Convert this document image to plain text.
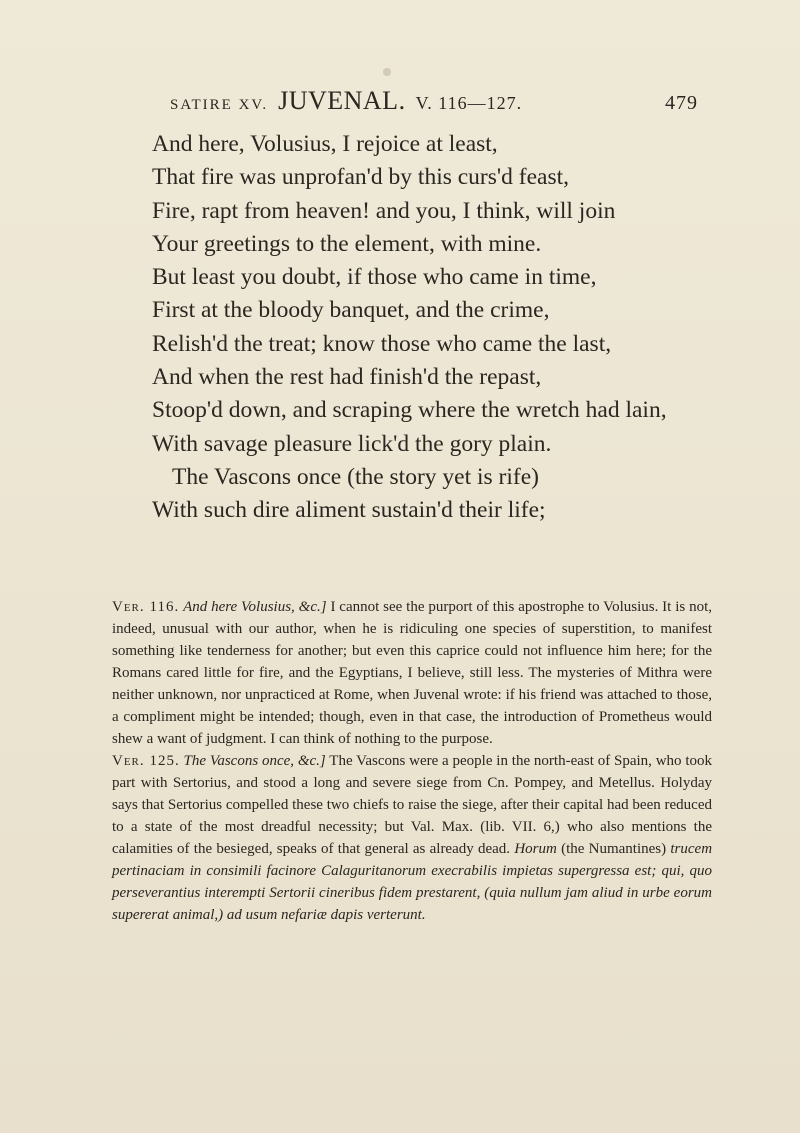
SATIRE XV. JUVENAL. V. 116—127.	479
And here, Volusius, I rejoice at least,
That fire was unprofan'd by this curs'd feast,
Fire, rapt from heaven! and you, I think, will join
Your greetings to the element, with mine.
But least you doubt, if those who came in time,
First at the bloody banquet, and the crime,
Relish'd the treat; know those who came the last,
And when the rest had finish'd the repast,
Stoop'd down, and scraping where the wretch had lain,
With savage pleasure lick'd the gory plain.
The Vascons once (the story yet is rife)
With such dire aliment sustain'd their life;

Ver. 116. And here Volusius, &c.] I cannot see the purport of this apostrophe to Volusius. It is not, indeed, unusual with our author, when he is ridiculing one species of superstition, to manifest something like tenderness for another; but even this caprice could not influence him here; for the Romans cared little for fire, and the Egyptians, I believe, still less. The mysteries of Mithra were neither unknown, nor unpracticed at Rome, when Juvenal wrote: if his friend was attached to those, a compliment might be intended; though, even in that case, the introduction of Prometheus would shew a want of judgment. I can think of nothing to the purpose.

Ver. 125. The Vascons once, &c.] The Vascons were a people in the north-east of Spain, who took part with Sertorius, and stood a long and severe siege from Cn. Pompey, and Metellus. Holyday says that Sertorius compelled these two chiefs to raise the siege, after their capital had been reduced to a state of the most dreadful necessity; but Val. Max. (lib. VII. 6,) who also mentions the calamities of the besieged, speaks of that general as already dead. Horum (the Numantines) trucem pertinaciam in consimili facinore Calaguritanorum execrabilis impietas supergressa est; qui, quo perseverantius interempti Sertorii cineribus fidem prestarent, (quia nullum jam aliud in urbe eorum supererat animal,) ad usum nefariæ dapis verterunt.
